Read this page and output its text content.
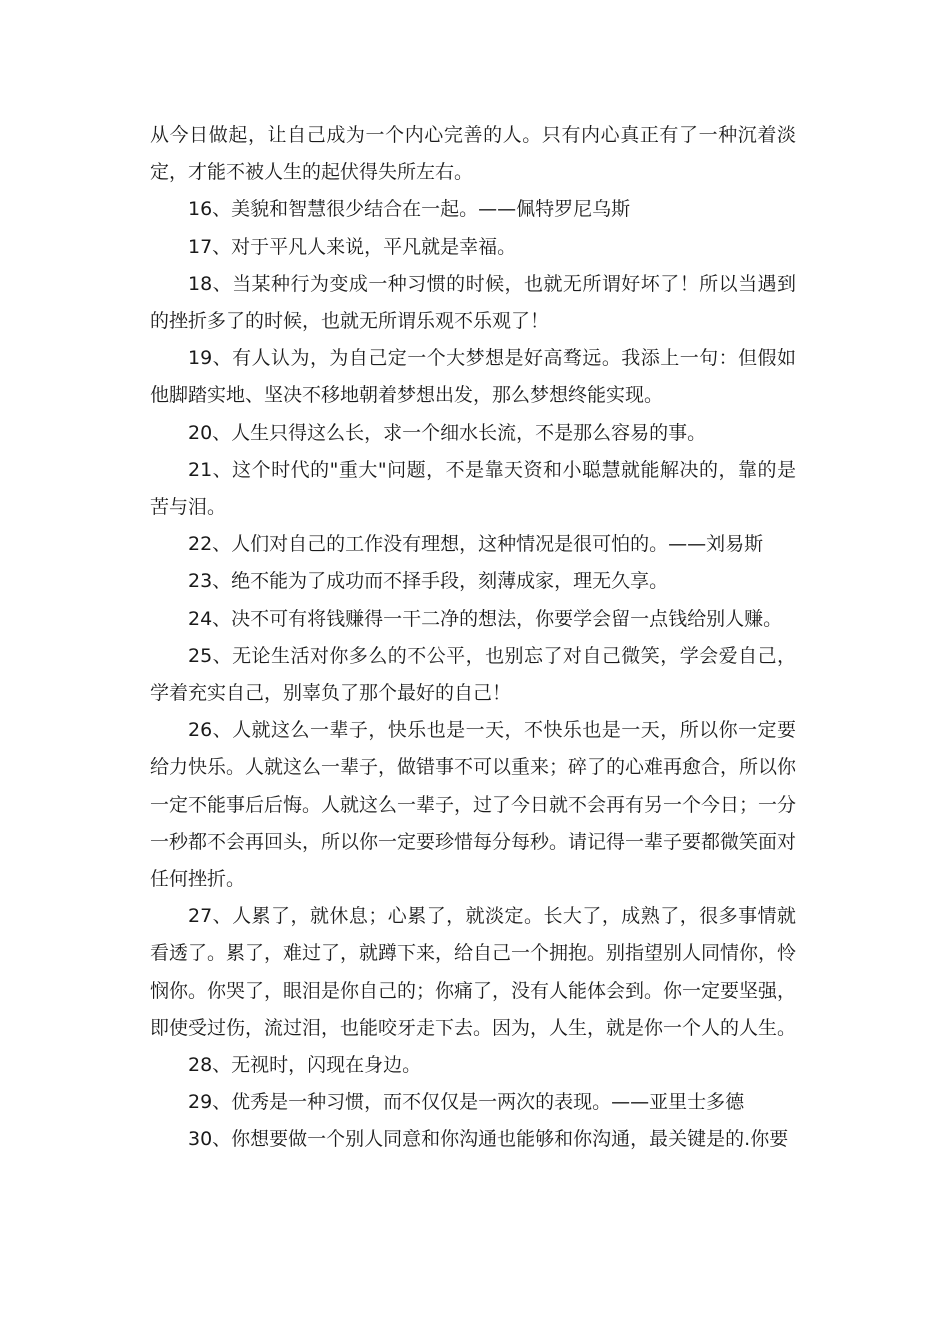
从今日做起，让自己成为一个内心完善的人。只有内心真正有了一种沉着淡定，才能不被人生的起伏得失所左右。

16、美貌和智慧很少结合在一起。——佩特罗尼乌斯

17、对于平凡人来说，平凡就是幸福。

18、当某种行为变成一种习惯的时候，也就无所谓好坏了！所以当遇到的挫折多了的时候，也就无所谓乐观不乐观了！

19、有人认为，为自己定一个大梦想是好高骛远。我添上一句：但假如他脚踏实地、坚决不移地朝着梦想出发，那么梦想终能实现。

20、人生只得这么长，求一个细水长流，不是那么容易的事。

21、这个时代的"重大"问题，不是靠天资和小聪慧就能解决的，靠的是苦与泪。

22、人们对自己的工作没有理想，这种情况是很可怕的。——刘易斯

23、绝不能为了成功而不择手段，刻薄成家，理无久享。

24、决不可有将钱赚得一干二净的想法，你要学会留一点钱给别人赚。

25、无论生活对你多么的不公平，也别忘了对自己微笑，学会爱自己，学着充实自己，别辜负了那个最好的自己！

26、人就这么一辈子，快乐也是一天，不快乐也是一天，所以你一定要给力快乐。人就这么一辈子，做错事不可以重来；碎了的心难再愈合，所以你一定不能事后后悔。人就这么一辈子，过了今日就不会再有另一个今日；一分一秒都不会再回头，所以你一定要珍惜每分每秒。请记得一辈子要都微笑面对任何挫折。

27、人累了，就休息；心累了，就淡定。长大了，成熟了，很多事情就看透了。累了，难过了，就蹲下来，给自己一个拥抱。别指望别人同情你，怜悯你。你哭了，眼泪是你自己的；你痛了，没有人能体会到。你一定要坚强，即使受过伤，流过泪，也能咬牙走下去。因为，人生，就是你一个人的人生。

28、无视时，闪现在身边。

29、优秀是一种习惯，而不仅仅是一两次的表现。——亚里士多德

30、你想要做一个别人同意和你沟通也能够和你沟通，最关键是的.你要
